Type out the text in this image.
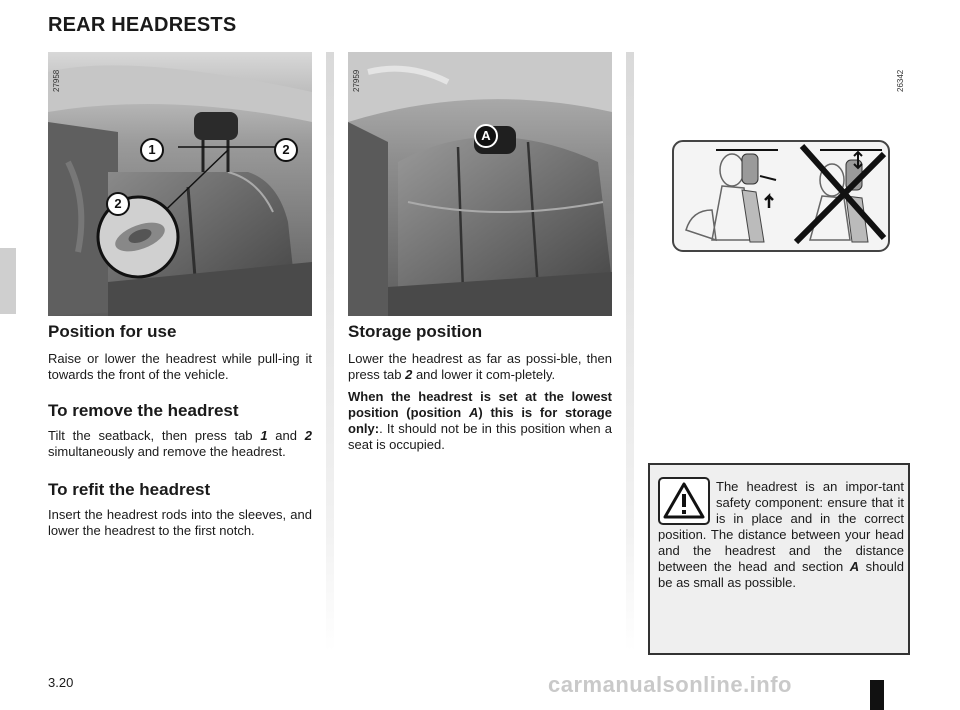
REAR HEADRESTS
27958
1	2
2
27959
A
26342
Position for use

Raise or lower the headrest while pull-ing it towards the front of the vehicle.

To remove the headrest

Tilt the seatback, then press tab 1 and 2 simultaneously and remove the headrest.

To refit the headrest

Insert the headrest rods into the sleeves, and lower the headrest to the first notch.

Storage position

Lower the headrest as far as possi-ble, then press tab 2 and lower it com-pletely.

When the headrest is set at the lowest position (position A) this is for storage only:. It should not be in this position when a seat is occupied.

The headrest is an impor-tant safety component: ensure that it is in place and in the correct position. The distance between your head and the headrest and the distance between the head and section A should be as small as possible.
3.20	carmanualsonline.info
